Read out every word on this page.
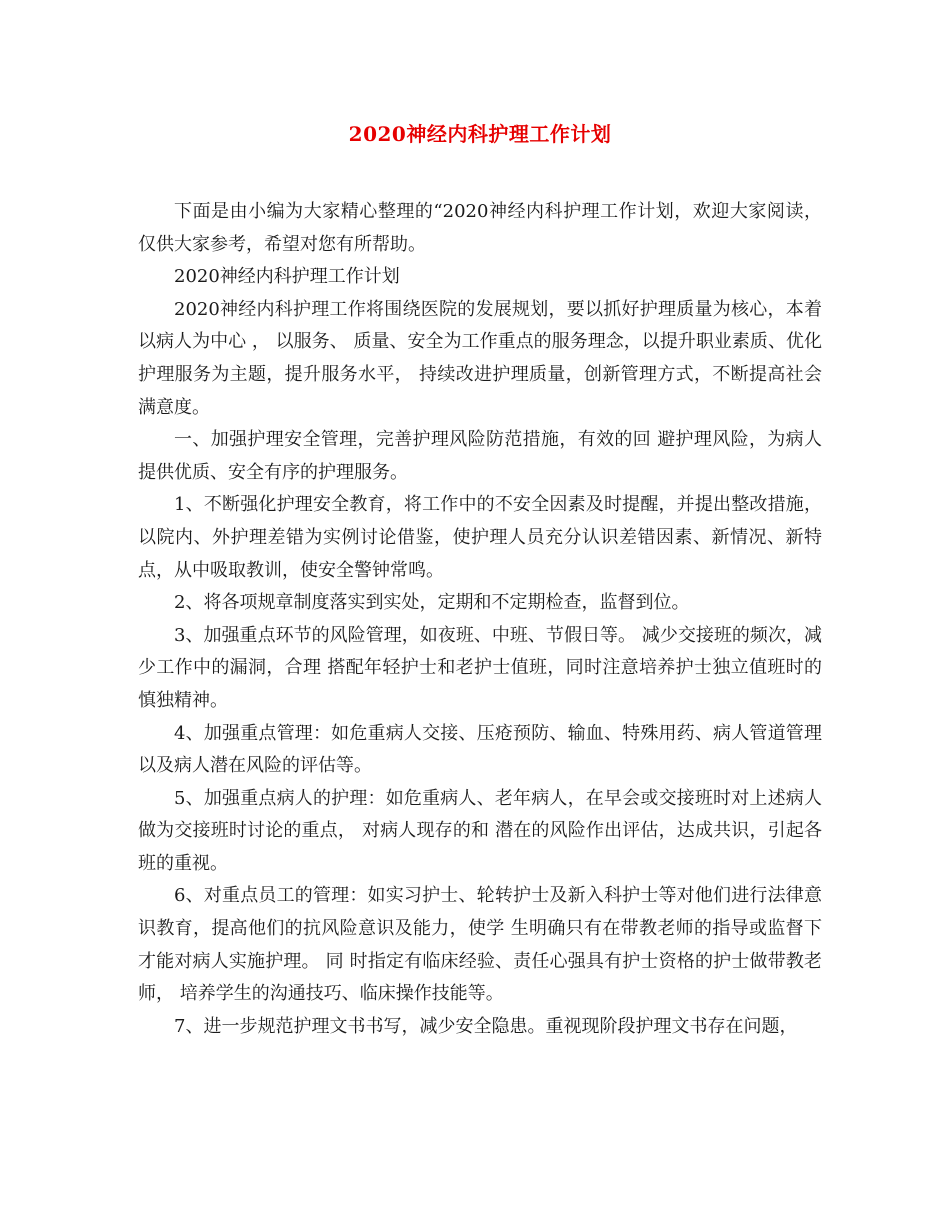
2020神经内科护理工作计划

下面是由小编为大家精心整理的“2020神经内科护理工作计划，欢迎大家阅读，仅供大家参考，希望对您有所帮助。

2020神经内科护理工作计划

2020神经内科护理工作将围绕医院的发展规划，要以抓好护理质量为核心，本着以病人为中心 ， 以服务、 质量、安全为工作重点的服务理念，以提升职业素质、优化护理服务为主题，提升服务水平， 持续改进护理质量，创新管理方式，不断提高社会满意度。

一、加强护理安全管理，完善护理风险防范措施，有效的回 避护理风险，为病人提供优质、安全有序的护理服务。

1、不断强化护理安全教育，将工作中的不安全因素及时提醒，并提出整改措施，以院内、外护理差错为实例讨论借鉴，使护理人员充分认识差错因素、新情况、新特点，从中吸取教训，使安全警钟常鸣。

2、将各项规章制度落实到实处，定期和不定期检查，监督到位。

3、加强重点环节的风险管理，如夜班、中班、节假日等。 减少交接班的频次，减少工作中的漏洞，合理 搭配年轻护士和老护士值班，同时注意培养护士独立值班时的慎独精神。

4、加强重点管理：如危重病人交接、压疮预防、输血、特殊用药、病人管道管理以及病人潜在风险的评估等。

5、加强重点病人的护理：如危重病人、老年病人，在早会或交接班时对上述病人做为交接班时讨论的重点， 对病人现存的和 潜在的风险作出评估，达成共识，引起各班的重视。

6、对重点员工的管理：如实习护士、轮转护士及新入科护士等对他们进行法律意识教育，提高他们的抗风险意识及能力，使学 生明确只有在带教老师的指导或监督下才能对病人实施护理。 同 时指定有临床经验、责任心强具有护士资格的护士做带教老师， 培养学生的沟通技巧、临床操作技能等。

7、进一步规范护理文书书写，减少安全隐患。重视现阶段护理文书存在问题，
